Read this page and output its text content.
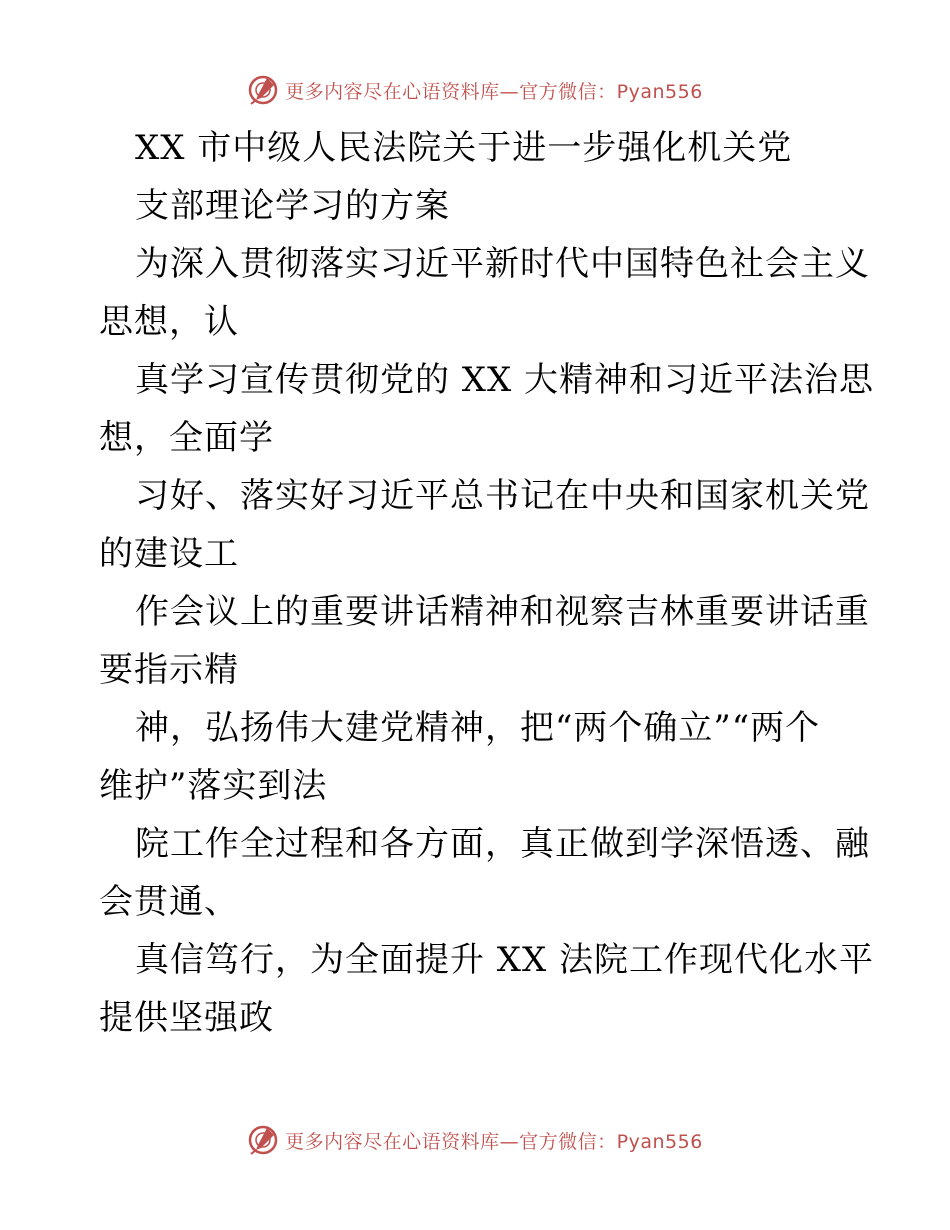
更多内容尽在心语资料库—官方微信：Pyan556
XX 市中级人民法院关于进一步强化机关党
支部理论学习的方案
为深入贯彻落实习近平新时代中国特色社会主义
思想，认
真学习宣传贯彻党的 XX 大精神和习近平法治思
想，全面学
习好、落实好习近平总书记在中央和国家机关党
的建设工
作会议上的重要讲话精神和视察吉林重要讲话重
要指示精
神，弘扬伟大建党精神，把“两个确立”“两个
维护”落实到法
院工作全过程和各方面，真正做到学深悟透、融
会贯通、
真信笃行，为全面提升 XX 法院工作现代化水平
提供坚强政
更多内容尽在心语资料库—官方微信：Pyan556
